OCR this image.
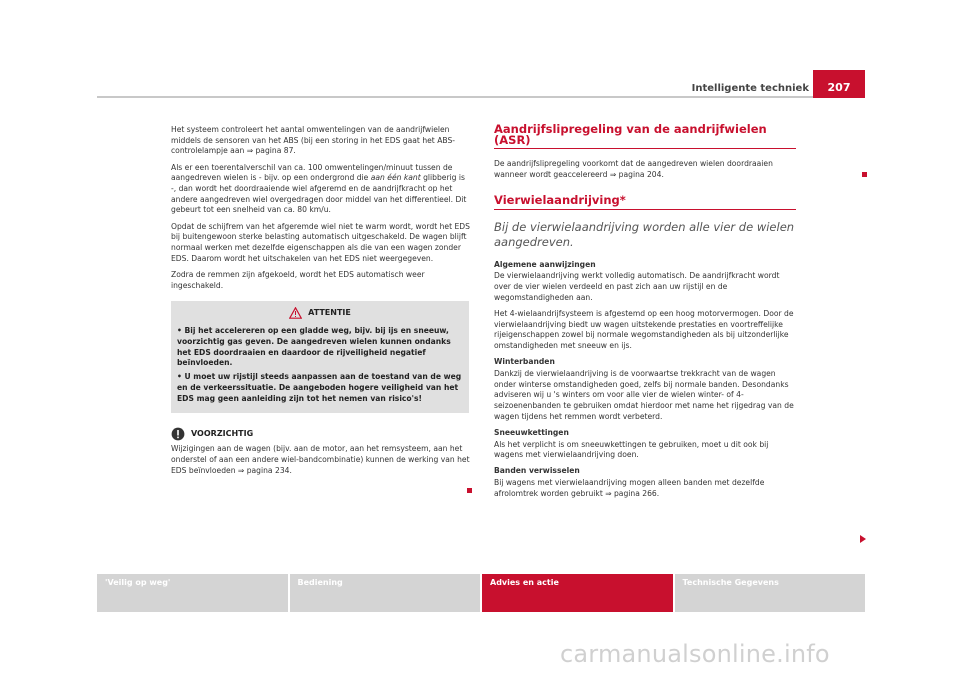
Intelligente techniek	207

Het systeem controleert het aantal omwentelingen van de aandrijfwielen middels de sensoren van het ABS (bij een storing in het EDS gaat het ABS-controlelampje aan ⇒ pagina 87.

Als er een toerentalverschil van ca. 100 omwentelingen/minuut tussen de aangedreven wielen is - bijv. op een ondergrond die aan één kant glibberig is -, dan wordt het doordraaiende wiel afgeremd en de aandrijfkracht op het andere aangedreven wiel overgedragen door middel van het differentieel. Dit gebeurt tot een snelheid van ca. 80 km/u.

Opdat de schijfrem van het afgeremde wiel niet te warm wordt, wordt het EDS bij buitengewoon sterke belasting automatisch uitgeschakeld. De wagen blijft normaal werken met dezelfde eigenschappen als die van een wagen zonder EDS. Daarom wordt het uitschakelen van het EDS niet weergegeven.

Zodra de remmen zijn afgekoeld, wordt het EDS automatisch weer ingeschakeld.

ATTENTIE

• Bij het accelereren op een gladde weg, bijv. bij ijs en sneeuw, voorzichtig gas geven. De aangedreven wielen kunnen ondanks het EDS doordraaien en daardoor de rijveiligheid negatief beïnvloeden.

• U moet uw rijstijl steeds aanpassen aan de toestand van de weg en de verkeerssituatie. De aangeboden hogere veiligheid van het EDS mag geen aanleiding zijn tot het nemen van risico's!

VOORZICHTIG

Wijzigingen aan de wagen (bijv. aan de motor, aan het remsysteem, aan het onderstel of aan een andere wiel-bandcombinatie) kunnen de werking van het EDS beïnvloeden ⇒ pagina 234.

Aandrijfslipregeling van de aandrijfwielen (ASR)

De aandrijfslipregeling voorkomt dat de aangedreven wielen doordraaien wanneer wordt geaccelereerd ⇒ pagina 204.

Vierwielaandrijving*
Bij de vierwielaandrijving worden alle vier de wielen aangedreven.
Algemene aanwijzingen

De vierwielaandrijving werkt volledig automatisch. De aandrijfkracht wordt over de vier wielen verdeeld en past zich aan uw rijstijl en de wegomstandigheden aan.

Het 4-wielaandrijfsysteem is afgestemd op een hoog motorvermogen. Door de vierwielaandrijving biedt uw wagen uitstekende prestaties en voortreffelijke rijeigenschappen zowel bij normale wegomstandigheden als bij uitzonderlijke omstandigheden met sneeuw en ijs.

Winterbanden

Dankzij de vierwielaandrijving is de voorwaartse trekkracht van de wagen onder winterse omstandigheden goed, zelfs bij normale banden. Desondanks adviseren wij u 's winters om voor alle vier de wielen winter- of 4-seizoenenbanden te gebruiken omdat hierdoor met name het rijgedrag van de wagen tijdens het remmen wordt verbeterd.

Sneeuwkettingen

Als het verplicht is om sneeuwkettingen te gebruiken, moet u dit ook bij wagens met vierwielaandrijving doen.

Banden verwisselen

Bij wagens met vierwielaandrijving mogen alleen banden met dezelfde afrolomtrek worden gebruikt ⇒ pagina 266.

'Veilig op weg'	Bediening	Advies en actie	Technische Gegevens
carmanualsonline.info
